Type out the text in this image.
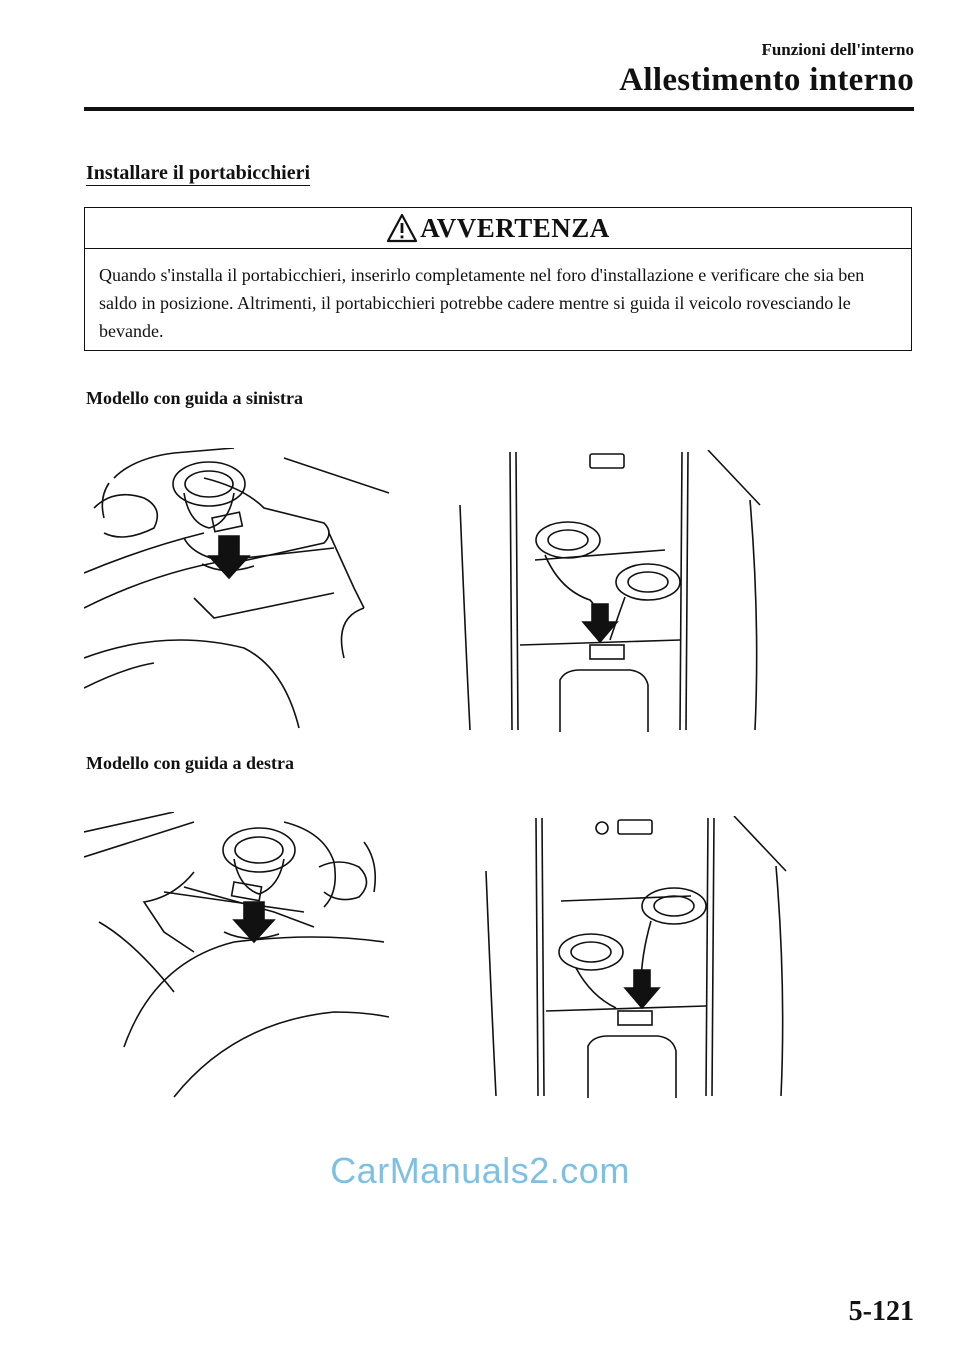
Funzioni dell'interno
Allestimento interno
Installare il portabicchieri
AVVERTENZA
Quando s'installa il portabicchieri, inserirlo completamente nel foro d'installazione e verificare che sia ben saldo in posizione. Altrimenti, il portabicchieri potrebbe cadere mentre si guida il veicolo rovesciando le bevande.
Modello con guida a sinistra
Modello con guida a destra
CarManuals2.com
5-121
